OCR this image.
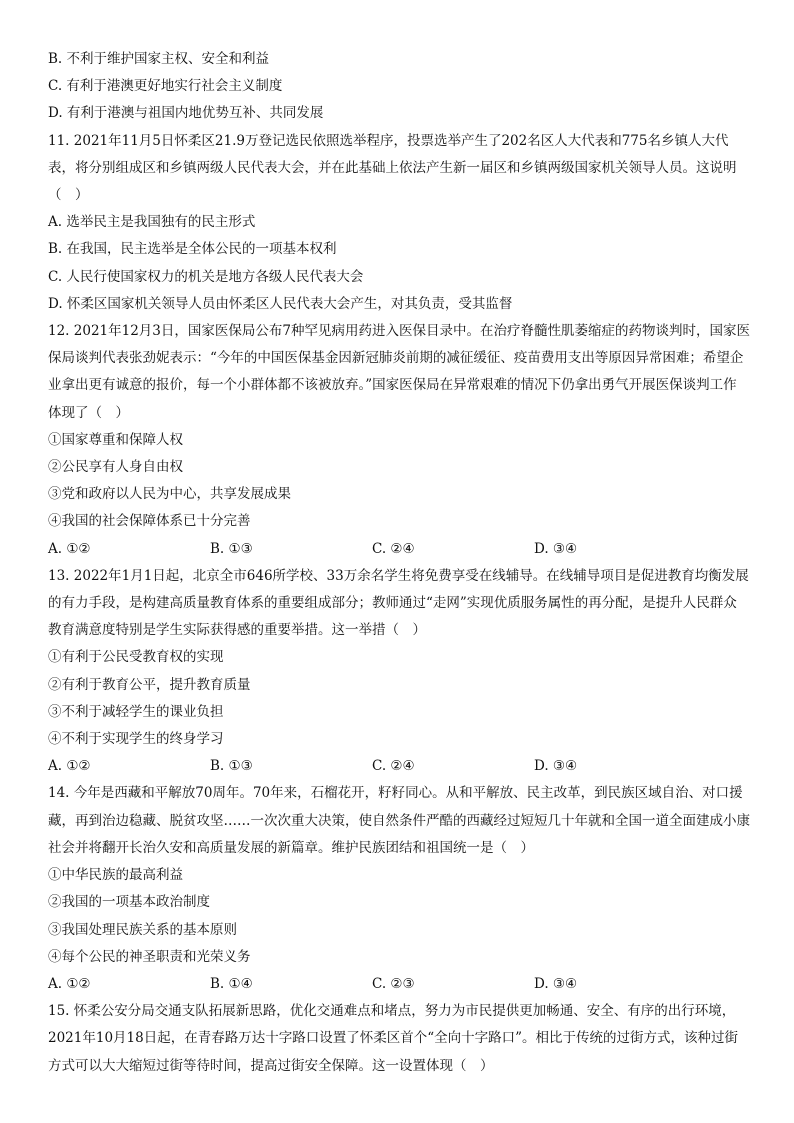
B. 不利于维护国家主权、安全和利益
C. 有利于港澳更好地实行社会主义制度
D. 有利于港澳与祖国内地优势互补、共同发展

11. 2021年11月5日怀柔区21.9万登记选民依照选举程序，投票选举产生了202名区人大代表和775名乡镇人大代表，将分别组成区和乡镇两级人民代表大会，并在此基础上依法产生新一届区和乡镇两级国家机关领导人员。这说明（　）

A. 选举民主是我国独有的民主形式
B. 在我国，民主选举是全体公民的一项基本权利
C. 人民行使国家权力的机关是地方各级人民代表大会
D. 怀柔区国家机关领导人员由怀柔区人民代表大会产生，对其负责，受其监督

12. 2021年12月3日，国家医保局公布7种罕见病用药进入医保目录中。在治疗脊髓性肌萎缩症的药物谈判时，国家医保局谈判代表张劲妮表示：“今年的中国医保基金因新冠肺炎前期的减征缓征、疫苗费用支出等原因异常困难；希望企业拿出更有诚意的报价，每一个小群体都不该被放弃。”国家医保局在异常艰难的情况下仍拿出勇气开展医保谈判工作体现了（　）

①国家尊重和保障人权
②公民享有人身自由权
③党和政府以人民为中心，共享发展成果
④我国的社会保障体系已十分完善
A. ①②	B. ①③	C. ②④	D. ③④

13. 2022年1月1日起，北京全市646所学校、33万余名学生将免费享受在线辅导。在线辅导项目是促进教育均衡发展的有力手段，是构建高质量教育体系的重要组成部分；教师通过“走网”实现优质服务属性的再分配，是提升人民群众教育满意度特别是学生实际获得感的重要举措。这一举措（　）

①有利于公民受教育权的实现
②有利于教育公平，提升教育质量
③不利于减轻学生的课业负担
④不利于实现学生的终身学习
A. ①②	B. ①③	C. ②④	D. ③④

14. 今年是西藏和平解放70周年。70年来，石榴花开，籽籽同心。从和平解放、民主改革，到民族区域自治、对口援藏，再到治边稳藏、脱贫攻坚……一次次重大决策，使自然条件严酷的西藏经过短短几十年就和全国一道全面建成小康社会并将翻开长治久安和高质量发展的新篇章。维护民族团结和祖国统一是（　）

①中华民族的最高利益
②我国的一项基本政治制度
③我国处理民族关系的基本原则
④每个公民的神圣职责和光荣义务
A. ①②	B. ①④	C. ②③	D. ③④

15. 怀柔公安分局交通支队拓展新思路，优化交通难点和堵点，努力为市民提供更加畅通、安全、有序的出行环境，2021年10月18日起，在青春路万达十字路口设置了怀柔区首个“全向十字路口”。相比于传统的过街方式，该种过街方式可以大大缩短过街等待时间，提高过街安全保障。这一设置体现（　）
